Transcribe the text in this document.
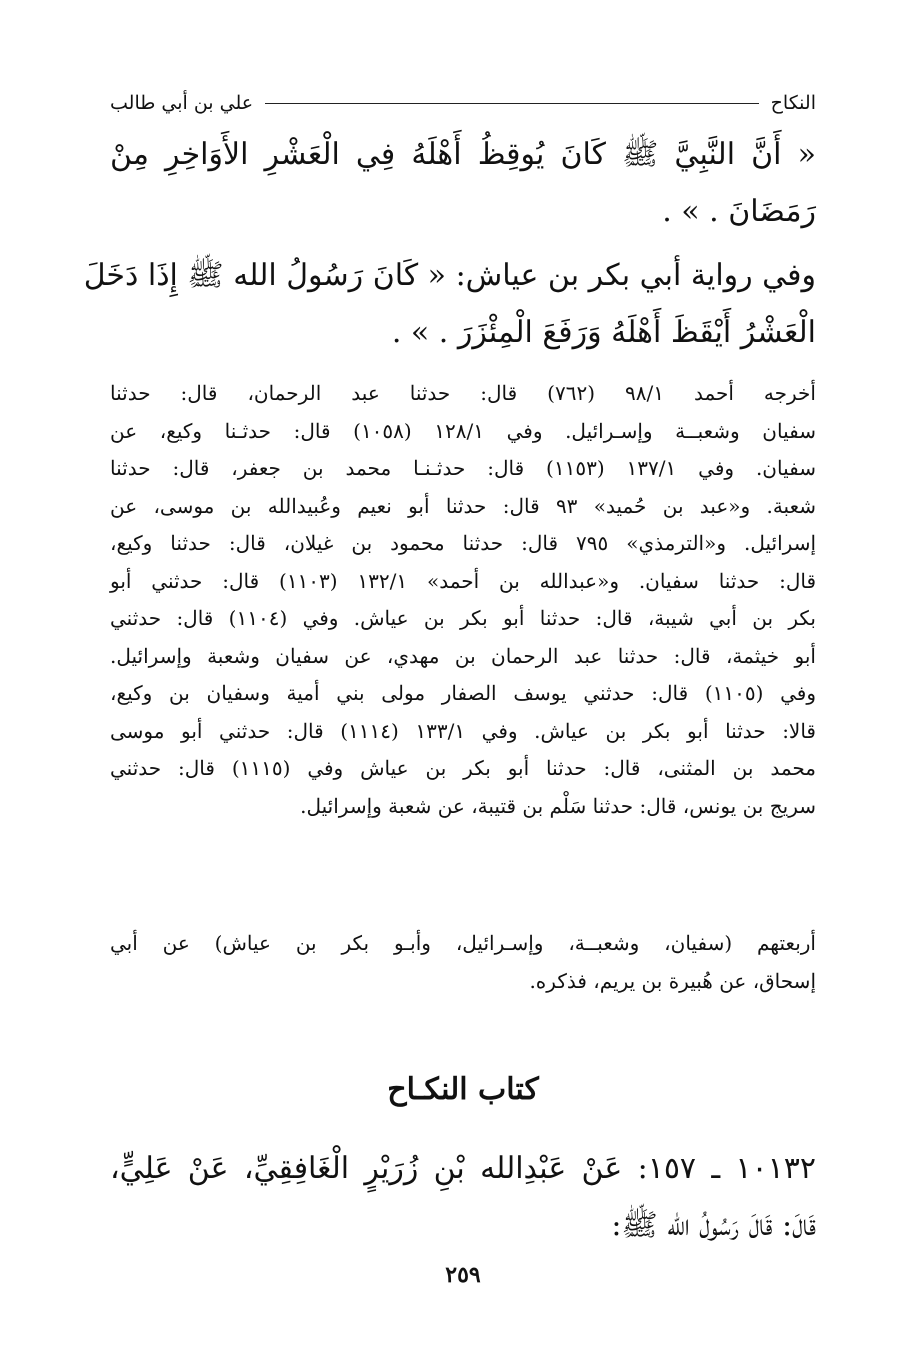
النكاح
علي بن أبي طالب
« أَنَّ النَّبِيَّ ﷺ كَانَ يُوقِظُ أَهْلَهُ فِي الْعَشْرِ الأَوَاخِرِ مِنْ
رَمَضَانَ . » .
وفي رواية أبي بكر بن عياش: « كَانَ رَسُولُ الله ﷺ إِذَا دَخَلَ
الْعَشْرُ أَيْقَظَ أَهْلَهُ وَرَفَعَ الْمِئْزَرَ . » .
أخرجه أحمد ٩٨/١ (٧٦٢) قال: حدثنا عبد الرحمان، قال: حدثنا
سفيان وشعبــة وإسـرائيل. وفي ١٢٨/١ (١٠٥٨) قال: حدثـنا وكيع، عن
سفيان. وفي ١٣٧/١ (١١٥٣) قال: حدثـنـا محمد بن جعفر، قال: حدثنا
شعبة. و«عبد بن حُميد» ٩٣ قال: حدثنا أبو نعيم وعُبيدالله بن موسى، عن
إسرائيل. و«الترمذي» ٧٩٥ قال: حدثنا محمود بن غيلان، قال: حدثنا وكيع،
قال: حدثنا سفيان. و«عبدالله بن أحمد» ١٣٢/١ (١١٠٣) قال: حدثني أبو
بكر بن أبي شيبة، قال: حدثنا أبو بكر بن عياش. وفي (١١٠٤) قال: حدثني
أبو خيثمة، قال: حدثنا عبد الرحمان بن مهدي، عن سفيان وشعبة وإسرائيل.
وفي (١١٠٥) قال: حدثني يوسف الصفار مولى بني أمية وسفيان بن وكيع،
قالا: حدثنا أبو بكر بن عياش. وفي ١٣٣/١ (١١١٤) قال: حدثني أبو موسى
محمد بن المثنى، قال: حدثنا أبو بكر بن عياش وفي (١١١٥) قال: حدثني
سريج بن يونس، قال: حدثنا سَلْم بن قتيبة، عن شعبة وإسرائيل.
أربعتهم (سفيان، وشعبــة، وإسـرائيل، وأبـو بكر بن عياش) عن أبي
إسحاق، عن هُبيرة بن يريم، فذكره.
كتاب النكـاح
١٠١٣٢ ـ ١٥٧: عَنْ عَبْدِالله بْنِ زُرَيْرٍ الْغَافِقِيِّ، عَنْ عَلِيٍّ،
قَالَ: قَالَ رَسُولُ الله ﷺ:
٢٥٩
